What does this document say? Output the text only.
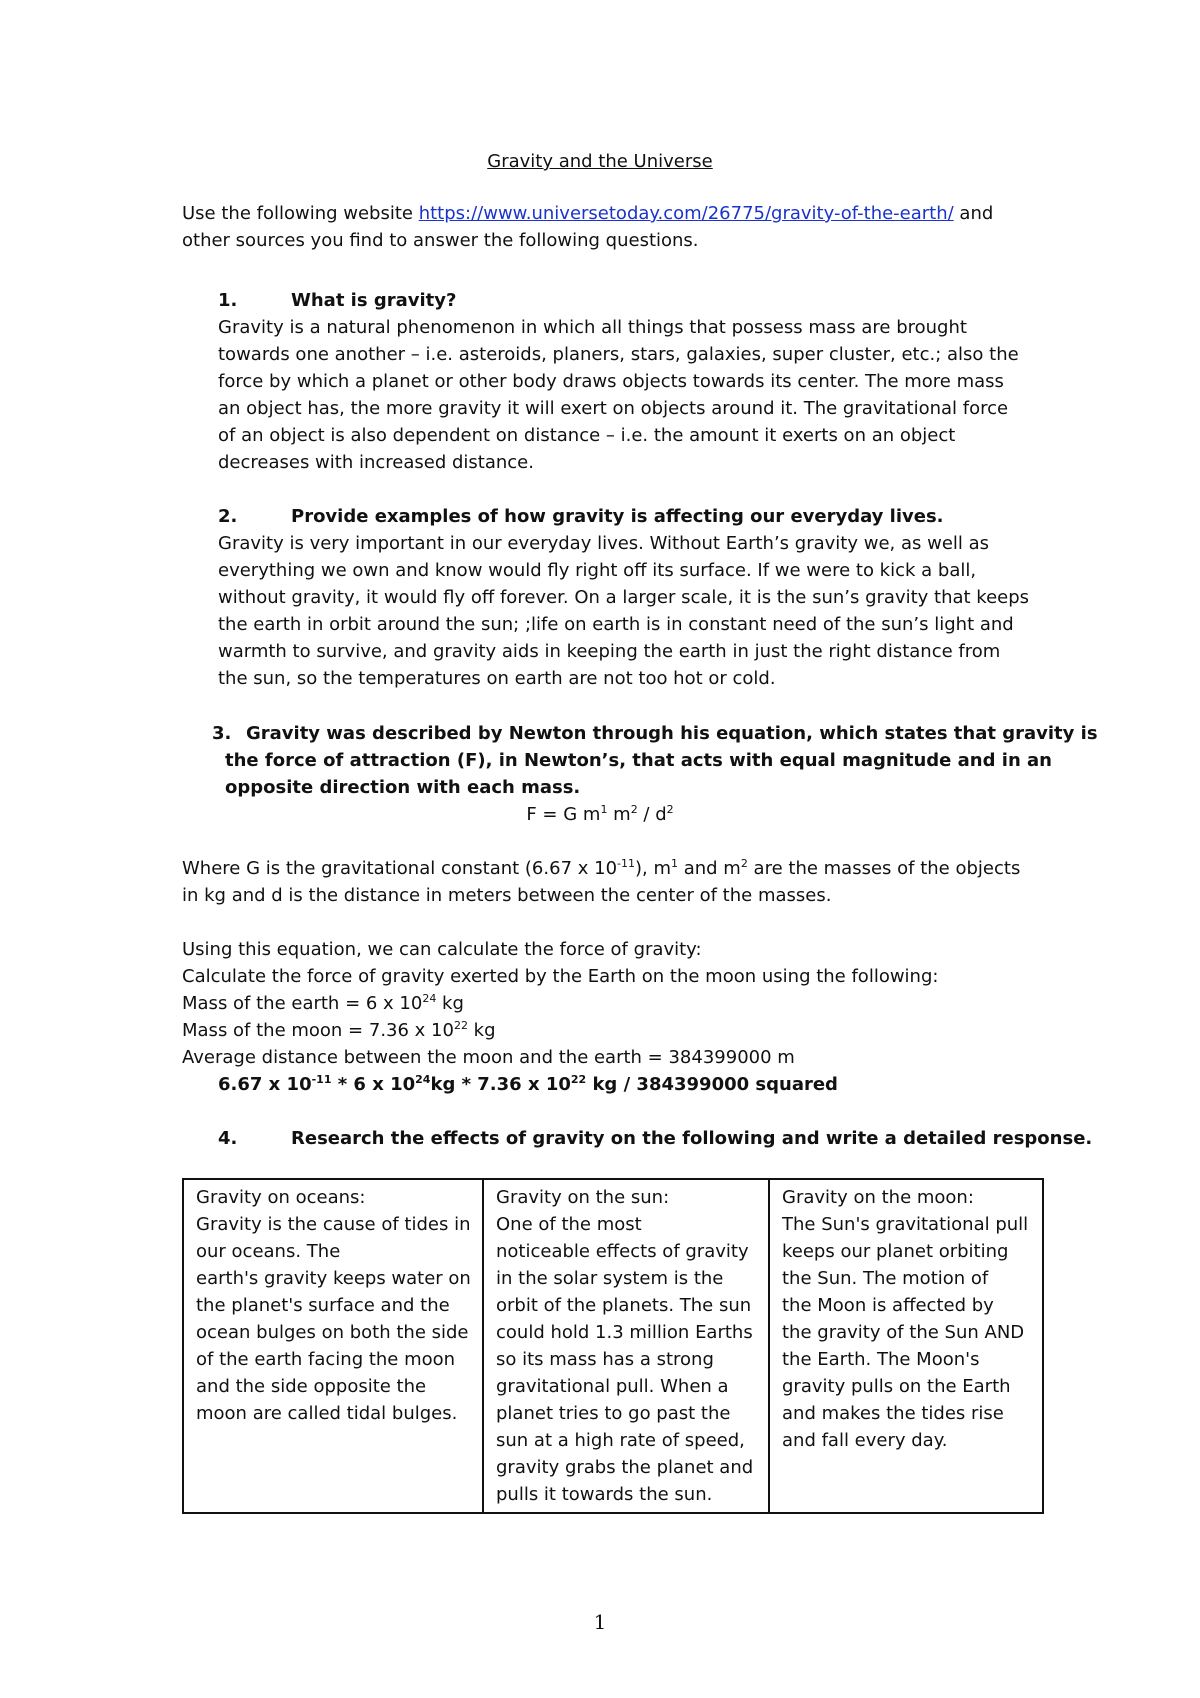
Gravity and the Universe
Use the following website https://www.universetoday.com/26775/gravity-of-the-earth/ and
other sources you find to answer the following questions.
1.	What is gravity?
Gravity is a natural phenomenon in which all things that possess mass are brought
towards one another – i.e. asteroids, planers, stars, galaxies, super cluster, etc.; also the
force by which a planet or other body draws objects towards its center. The more mass
an object has, the more gravity it will exert on objects around it. The gravitational force
of an object is also dependent on distance – i.e. the amount it exerts on an object
decreases with increased distance.
2.	Provide examples of how gravity is affecting our everyday lives.
Gravity is very important in our everyday lives. Without Earth’s gravity we, as well as
everything we own and know would fly right off its surface. If we were to kick a ball,
without gravity, it would fly off forever. On a larger scale, it is the sun’s gravity that keeps
the earth in orbit around the sun; ;life on earth is in constant need of the sun’s light and
warmth to survive, and gravity aids in keeping the earth in just the right distance from
the sun, so the temperatures on earth are not too hot or cold.
3. Gravity was described by Newton through his equation, which states that gravity is
the force of attraction (F), in Newton’s, that acts with equal magnitude and in an
opposite direction with each mass.
F = G $m^1$ $m^2 / d^2$
Where G is the gravitational constant (6.67 x $10^{-11}$), $m^1$ and $m^2$ are the masses of the objects
in kg and d is the distance in meters between the center of the masses.
Using this equation, we can calculate the force of gravity:
Calculate the force of gravity exerted by the Earth on the moon using the following:
Mass of the earth = 6 x $10^{24}$ kg
Mass of the moon = 7.36 x $10^{22}$ kg
Average distance between the moon and the earth = 384399000 m
6.67 x $10^{-11} * 6$ x $10^{24}kg * 7.36$ x $10^{22}$ kg / 384399000 squared
4.	Research the effects of gravity on the following and write a detailed response.
Gravity on oceans:
Gravity is the cause of tides in
our oceans. The
earth's gravity keeps water on
the planet's surface and the
ocean bulges on both the side
of the earth facing the moon
and the side opposite the
moon are called tidal bulges.

Gravity on the sun:
One of the most
noticeable effects of gravity
in the solar system is the
orbit of the planets. The sun
could hold 1.3 million Earths
so its mass has a strong
gravitational pull. When a
planet tries to go past the
sun at a high rate of speed,
gravity grabs the planet and
pulls it towards the sun.

Gravity on the moon:
The Sun's gravitational pull
keeps our planet orbiting
the Sun. The motion of
the Moon is affected by
the gravity of the Sun AND
the Earth. The Moon's
gravity pulls on the Earth
and makes the tides rise
and fall every day.
1
